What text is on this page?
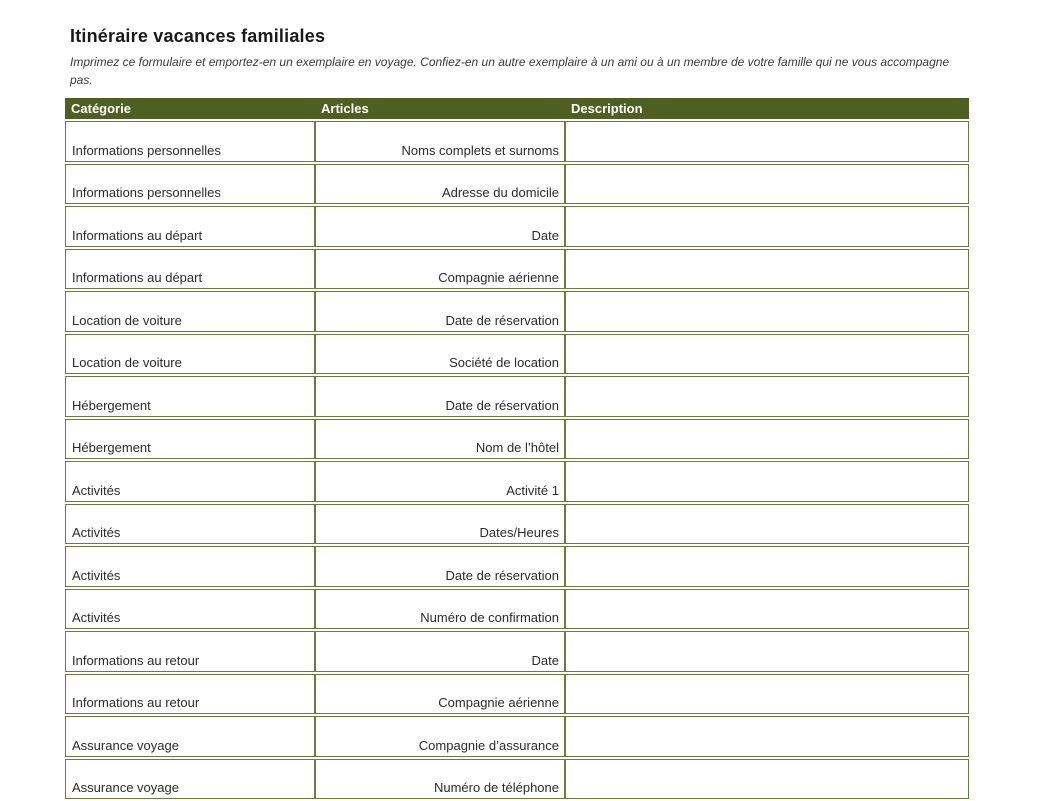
Itinéraire vacances familiales
Imprimez ce formulaire et emportez-en un exemplaire en voyage. Confiez-en un autre exemplaire à un ami ou à un membre de votre famille qui ne vous accompagne pas.
Catégorie	Articles	Description
Informations personnelles	Noms complets et surnoms	
Informations personnelles	Adresse du domicile	
Informations au départ	Date	
Informations au départ	Compagnie aérienne	
Location de voiture	Date de réservation	
Location de voiture	Société de location	
Hébergement	Date de réservation	
Hébergement	Nom de l’hôtel	
Activités	Activité 1	
Activités	Dates/Heures	
Activités	Date de réservation	
Activités	Numéro de confirmation	
Informations au retour	Date	
Informations au retour	Compagnie aérienne	
Assurance voyage	Compagnie d’assurance	
Assurance voyage	Numéro de téléphone	
